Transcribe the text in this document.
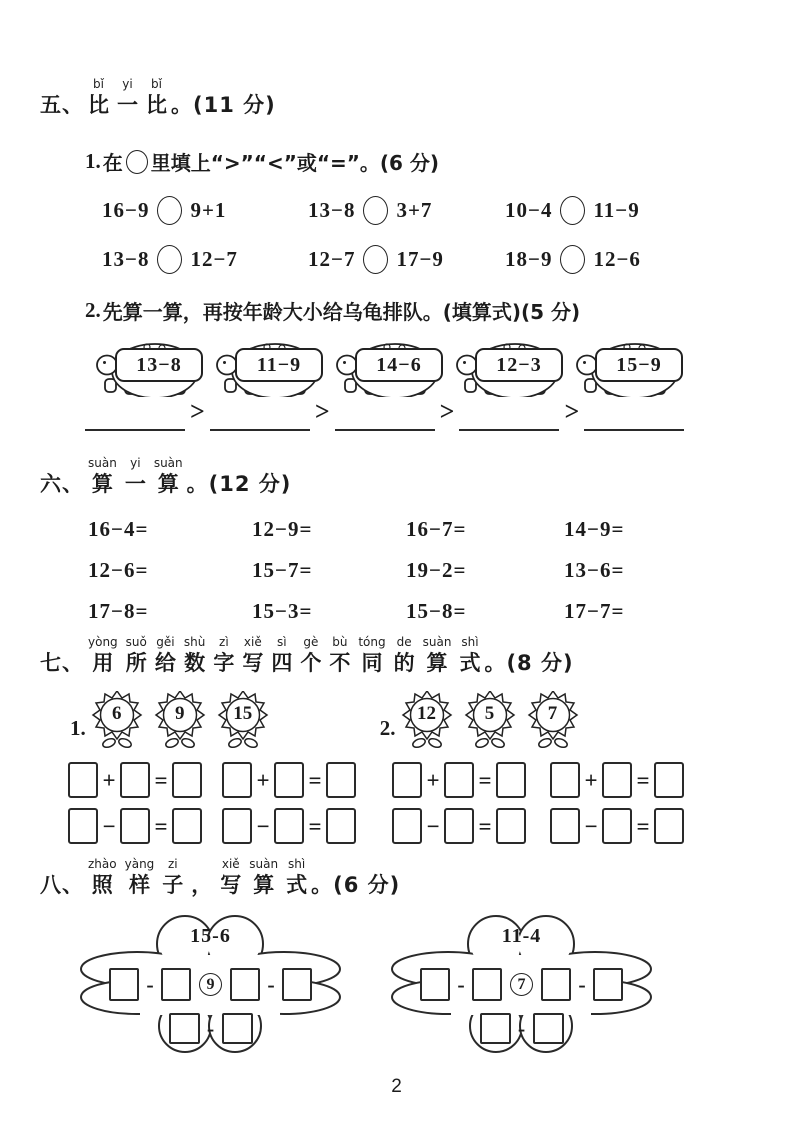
五、
bǐ
比
yi
一
bǐ
比 。(11 分)
1. 在 里填上“>”“<”或“=”。(6 分)
16−9 9+1	13−8 3+7	10−4 11−9
13−8 12−7	12−7 17−9	18−9 12−6
2. 先算一算，再按年龄大小给乌龟排队。(填算式)(5 分)
13−8	11−9	14−6	12−3	15−9
>	>	>	>
六、
suàn
算
yi
一
suàn
算 。(12 分)
16−4=	12−9=	16−7=	14−9=
12−6=	15−7=	19−2=	13−6=
17−8=	15−3=	15−8=	17−7=
七、
yòng
用
suǒ
所
gěi
给
shù
数
zì
字
xiě
写
sì
四
gè
个
bù
不
tóng
同
de
的
suàn
算
shì
式 。(8 分)
1.
6	9	15
2.
12	5	7
+ =	+ =	+ =	+ =
− =	− =	− =	− =
八、
zhào
照
yàng
样
zi
子 ，
xiě
写
suàn
算
shì
式 。(6 分)
15-6
-	9	-
-
11-4
-	7	-
-
2
